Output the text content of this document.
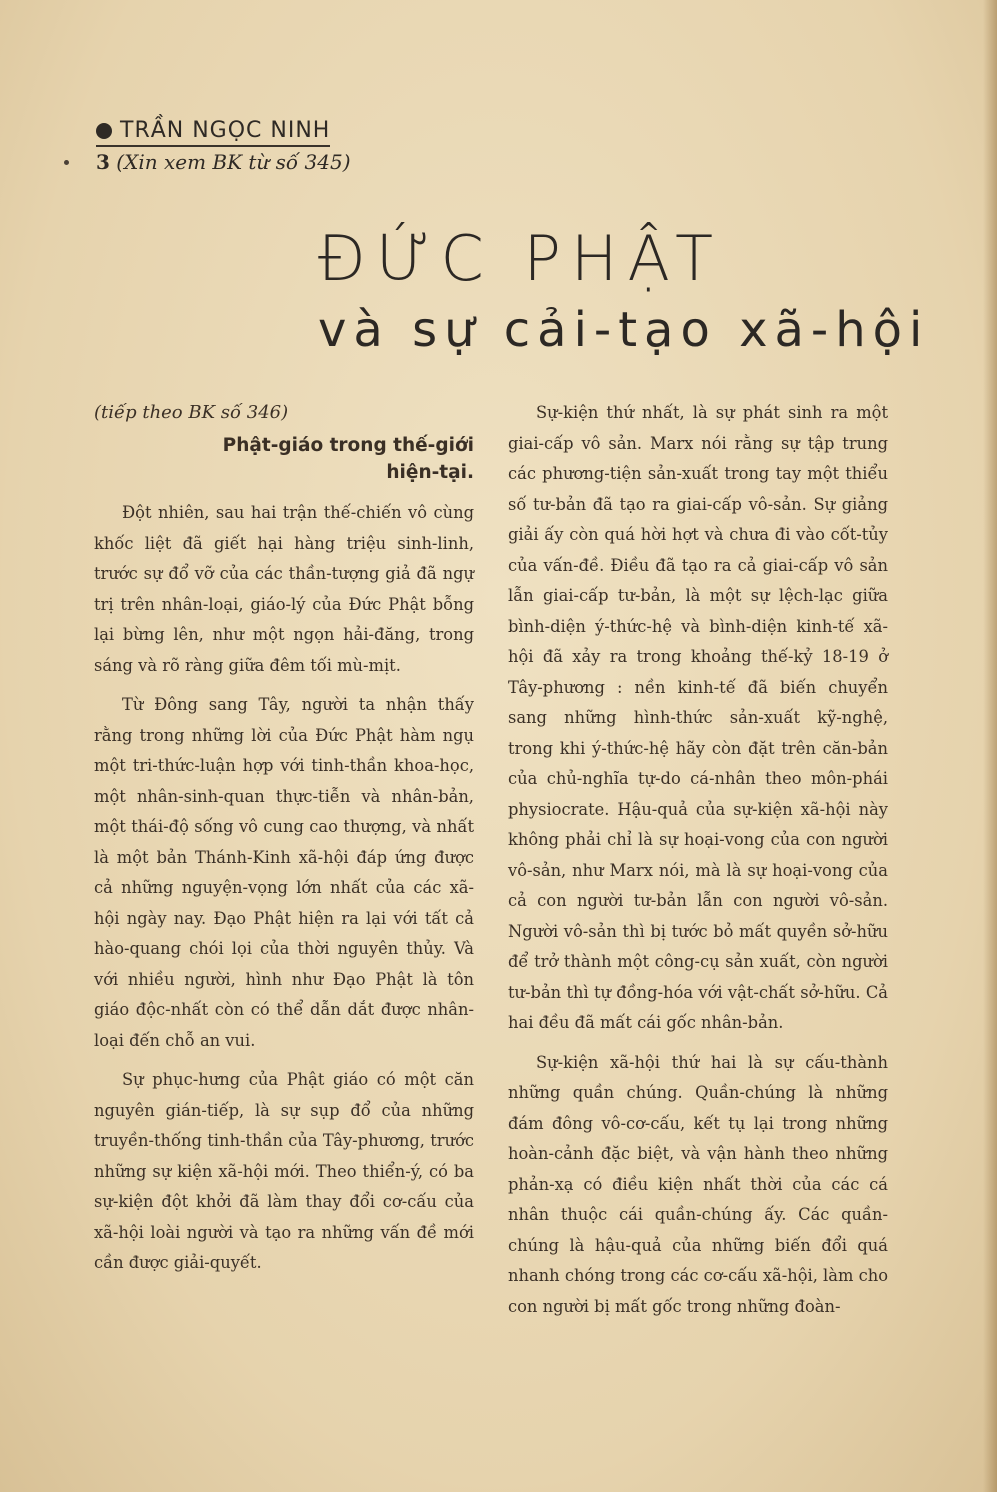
TRẦN NGỌC NINH
3 (Xin xem BK từ số 345)
ĐỨC PHẬT
và sự cải-tạo xã-hội
(tiếp theo BK số 346)
Phật-giáo trong thế-giới hiện-tại.

Đột nhiên, sau hai trận thế-chiến vô cùng khốc liệt đã giết hại hàng triệu sinh-linh, trước sự đổ vỡ của các thần-tượng giả đã ngự trị trên nhân-loại, giáo-lý của Đức Phật bỗng lại bừng lên, như một ngọn hải-đăng, trong sáng và rõ ràng giữa đêm tối mù-mịt.

Từ Đông sang Tây, người ta nhận thấy rằng trong những lời của Đức Phật hàm ngụ một tri-thức-luận hợp với tinh-thần khoa-học, một nhân-sinh-quan thực-tiễn và nhân-bản, một thái-độ sống vô cung cao thượng, và nhất là một bản Thánh-Kinh xã-hội đáp ứng được cả những nguyện-vọng lớn nhất của các xã-hội ngày nay. Đạo Phật hiện ra lại với tất cả hào-quang chói lọi của thời nguyên thủy. Và với nhiều người, hình như Đạo Phật là tôn giáo độc-nhất còn có thể dẫn dắt được nhân-loại đến chỗ an vui.

Sự phục-hưng của Phật giáo có một căn nguyên gián-tiếp, là sự sụp đổ của những truyền-thống tinh-thần của Tây-phương, trước những sự kiện xã-hội mới. Theo thiển-ý, có ba sự-kiện đột khởi đã làm thay đổi cơ-cấu của xã-hội loài người và tạo ra những vấn đề mới cần được giải-quyết.

Sự-kiện thứ nhất, là sự phát sinh ra một giai-cấp vô sản. Marx nói rằng sự tập trung các phương-tiện sản-xuất trong tay một thiểu số tư-bản đã tạo ra giai-cấp vô-sản. Sự giảng giải ấy còn quá hời hợt và chưa đi vào cốt-tủy của vấn-đề. Điều đã tạo ra cả giai-cấp vô sản lẫn giai-cấp tư-bản, là một sự lệch-lạc giữa bình-diện ý-thức-hệ và bình-diện kinh-tế xã-hội đã xảy ra trong khoảng thế-kỷ 18-19 ở Tây-phương : nền kinh-tế đã biến chuyển sang những hình-thức sản-xuất kỹ-nghệ, trong khi ý-thức-hệ hãy còn đặt trên căn-bản của chủ-nghĩa tự-do cá-nhân theo môn-phái physiocrate. Hậu-quả của sự-kiện xã-hội này không phải chỉ là sự hoại-vong của con người vô-sản, như Marx nói, mà là sự hoại-vong của cả con người tư-bản lẫn con người vô-sản. Người vô-sản thì bị tước bỏ mất quyền sở-hữu để trở thành một công-cụ sản xuất, còn người tư-bản thì tự đồng-hóa với vật-chất sở-hữu. Cả hai đều đã mất cái gốc nhân-bản.

Sự-kiện xã-hội thứ hai là sự cấu-thành những quần chúng. Quần-chúng là những đám đông vô-cơ-cấu, kết tụ lại trong những hoàn-cảnh đặc biệt, và vận hành theo những phản-xạ có điều kiện nhất thời của các cá nhân thuộc cái quần-chúng ấy. Các quần-chúng là hậu-quả của những biến đổi quá nhanh chóng trong các cơ-cấu xã-hội, làm cho con người bị mất gốc trong những đoàn-
